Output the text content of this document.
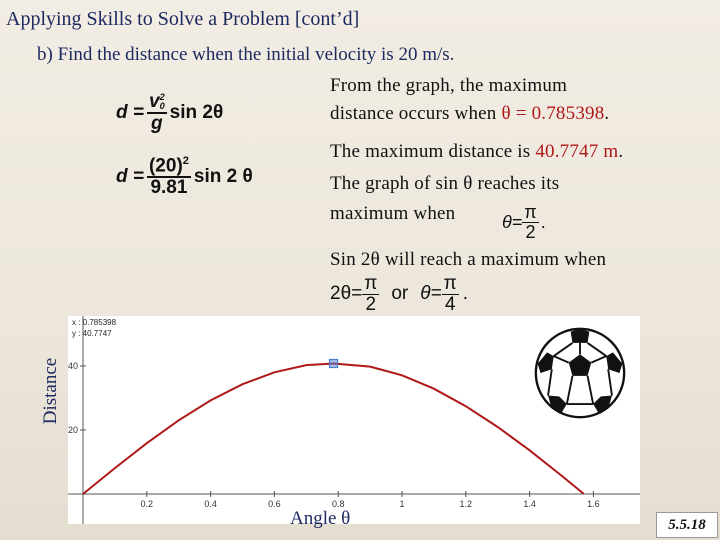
Applying Skills to Solve a Problem [cont’d]
b) Find the distance when the initial velocity is 20 m/s.
d = v 2
0
g sin 2θ
$d = \frac{(20)^2}{9.81}$ sin 2 θ
From the graph, the maximum
distance occurs when θ = 0.785398.
The maximum distance is 40.7747 m.
The graph of sin θ reaches its
maximum when	$\theta= \frac{\pi}{2}$ .
Sin 2θ will reach a maximum when
$2\theta= \frac{\pi}{2}$ or $\theta= \frac{\pi}{4}$ .
0.2	0.4	0.6	0.8	1	1.2	1.4	1.6
20
40
x : 0.785398
y : 40.7747
Distance
Angle θ	5.5.18
